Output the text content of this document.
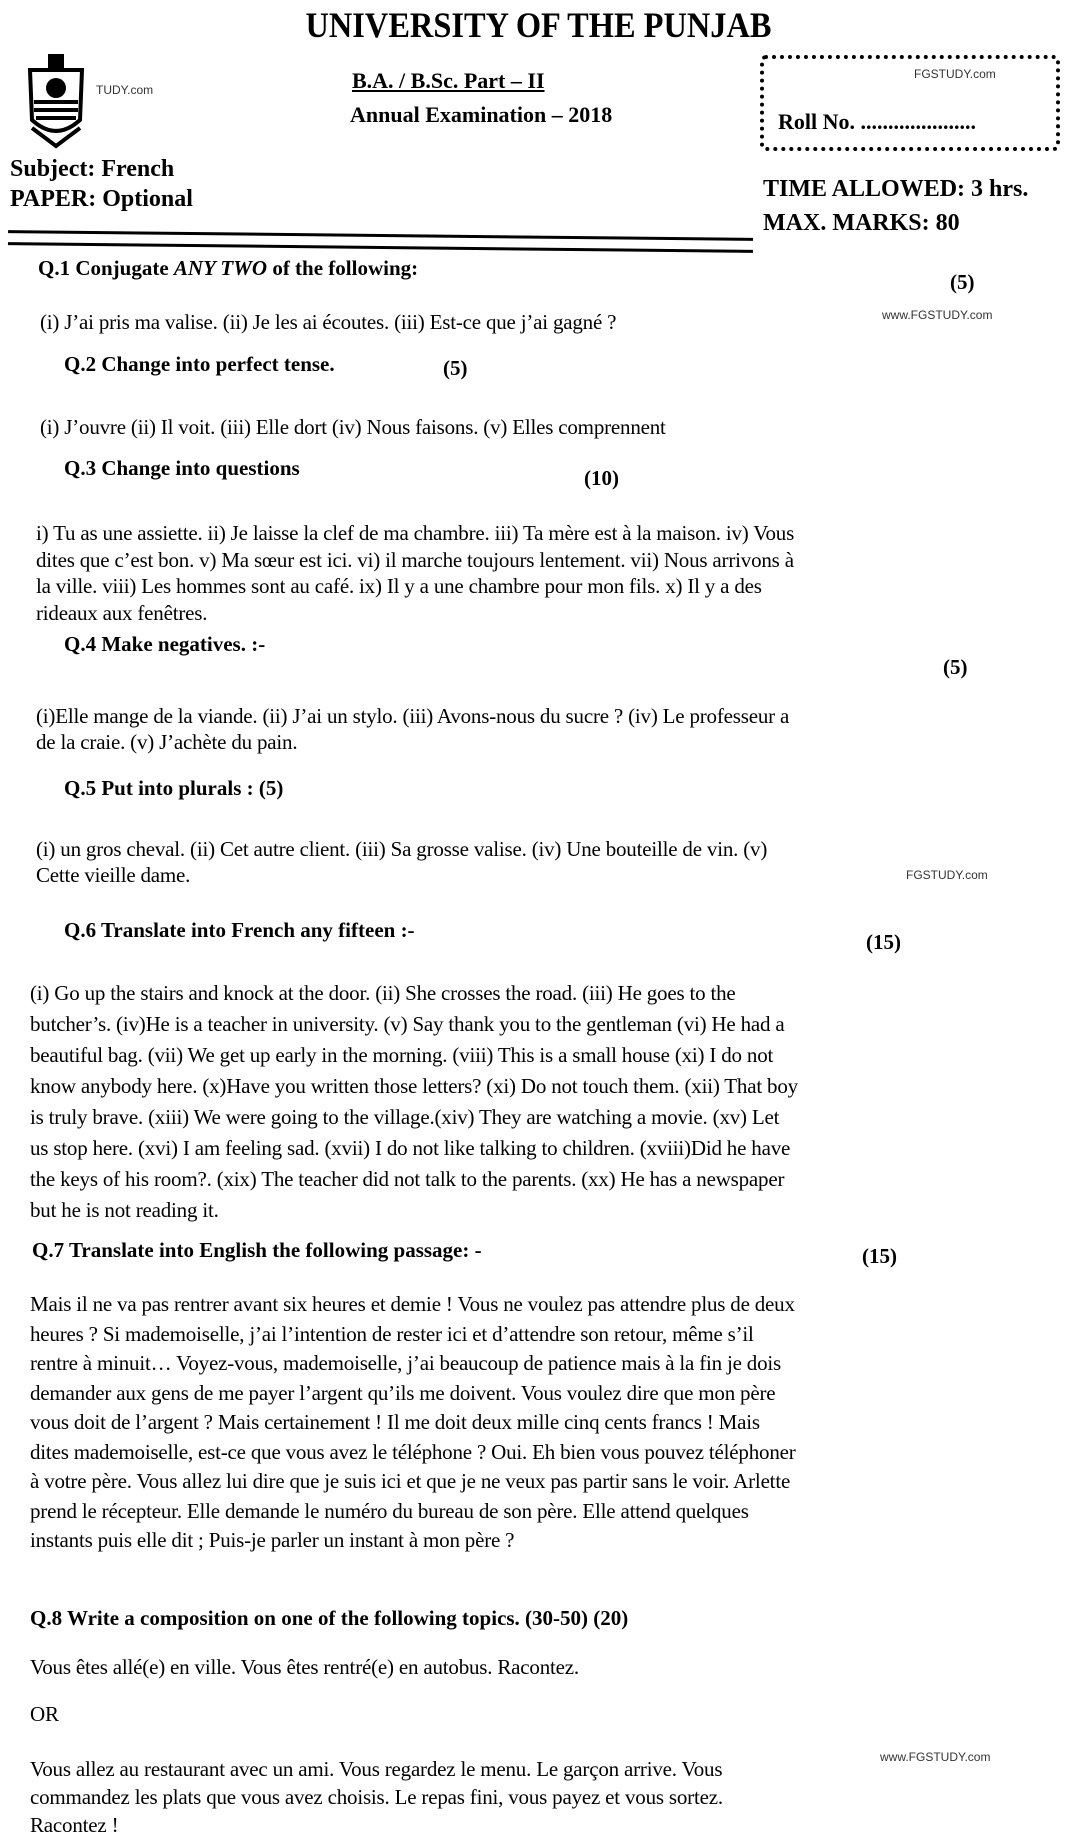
UNIVERSITY OF THE PUNJAB
TUDY.com	B.A. / B.Sc. Part – II
Annual Examination – 2018
FGSTUDY.com
Roll No. .....................
Subject: French
PAPER: Optional	TIME ALLOWED: 3 hrs.
MAX. MARKS: 80
Q.1 Conjugate ANY TWO of the following:
(5)
(i) J’ai pris ma valise. (ii) Je les ai écoutes. (iii) Est-ce que j’ai gagné ?	www.FGSTUDY.com
Q.2 Change into perfect tense.	(5)
(i) J’ouvre (ii) Il voit. (iii) Elle dort (iv) Nous faisons. (v) Elles comprennent
Q.3 Change into questions	(10)
i) Tu as une assiette. ii) Je laisse la clef de ma chambre. iii) Ta mère est à la maison. iv) Vous
dites que c’est bon. v) Ma sœur est ici. vi) il marche toujours lentement. vii) Nous arrivons à
la ville. viii) Les hommes sont au café. ix) Il y a une chambre pour mon fils. x) Il y a des
rideaux aux fenêtres.
Q.4 Make negatives. :-
(5)
(i)Elle mange de la viande. (ii) J’ai un stylo. (iii) Avons-nous du sucre ? (iv) Le professeur a
de la craie. (v) J’achète du pain.
Q.5 Put into plurals : (5)
(i) un gros cheval. (ii) Cet autre client. (iii) Sa grosse valise. (iv) Une bouteille de vin. (v)
Cette vieille dame.	FGSTUDY.com
Q.6 Translate into French any fifteen :-	(15)
(i) Go up the stairs and knock at the door. (ii) She crosses the road. (iii) He goes to the
butcher’s. (iv)He is a teacher in university. (v) Say thank you to the gentleman (vi) He had a
beautiful bag. (vii) We get up early in the morning. (viii) This is a small house (xi) I do not
know anybody here. (x)Have you written those letters? (xi) Do not touch them. (xii) That boy
is truly brave. (xiii) We were going to the village.(xiv) They are watching a movie. (xv) Let
us stop here. (xvi) I am feeling sad. (xvii) I do not like talking to children. (xviii)Did he have
the keys of his room?. (xix) The teacher did not talk to the parents. (xx) He has a newspaper
but he is not reading it.
Q.7 Translate into English the following passage: -	(15)
Mais il ne va pas rentrer avant six heures et demie ! Vous ne voulez pas attendre plus de deux
heures ? Si mademoiselle, j’ai l’intention de rester ici et d’attendre son retour, même s’il
rentre à minuit… Voyez-vous, mademoiselle, j’ai beaucoup de patience mais à la fin je dois
demander aux gens de me payer l’argent qu’ils me doivent. Vous voulez dire que mon père
vous doit de l’argent ? Mais certainement ! Il me doit deux mille cinq cents francs ! Mais
dites mademoiselle, est-ce que vous avez le téléphone ? Oui. Eh bien vous pouvez téléphoner
à votre père. Vous allez lui dire que je suis ici et que je ne veux pas partir sans le voir. Arlette
prend le récepteur. Elle demande le numéro du bureau de son père. Elle attend quelques
instants puis elle dit ; Puis-je parler un instant à mon père ?
Q.8 Write a composition on one of the following topics. (30-50) (20)
Vous êtes allé(e) en ville. Vous êtes rentré(e) en autobus. Racontez.
OR
www.FGSTUDY.com
Vous allez au restaurant avec un ami. Vous regardez le menu. Le garçon arrive. Vous
commandez les plats que vous avez choisis. Le repas fini, vous payez et vous sortez.
Racontez !
